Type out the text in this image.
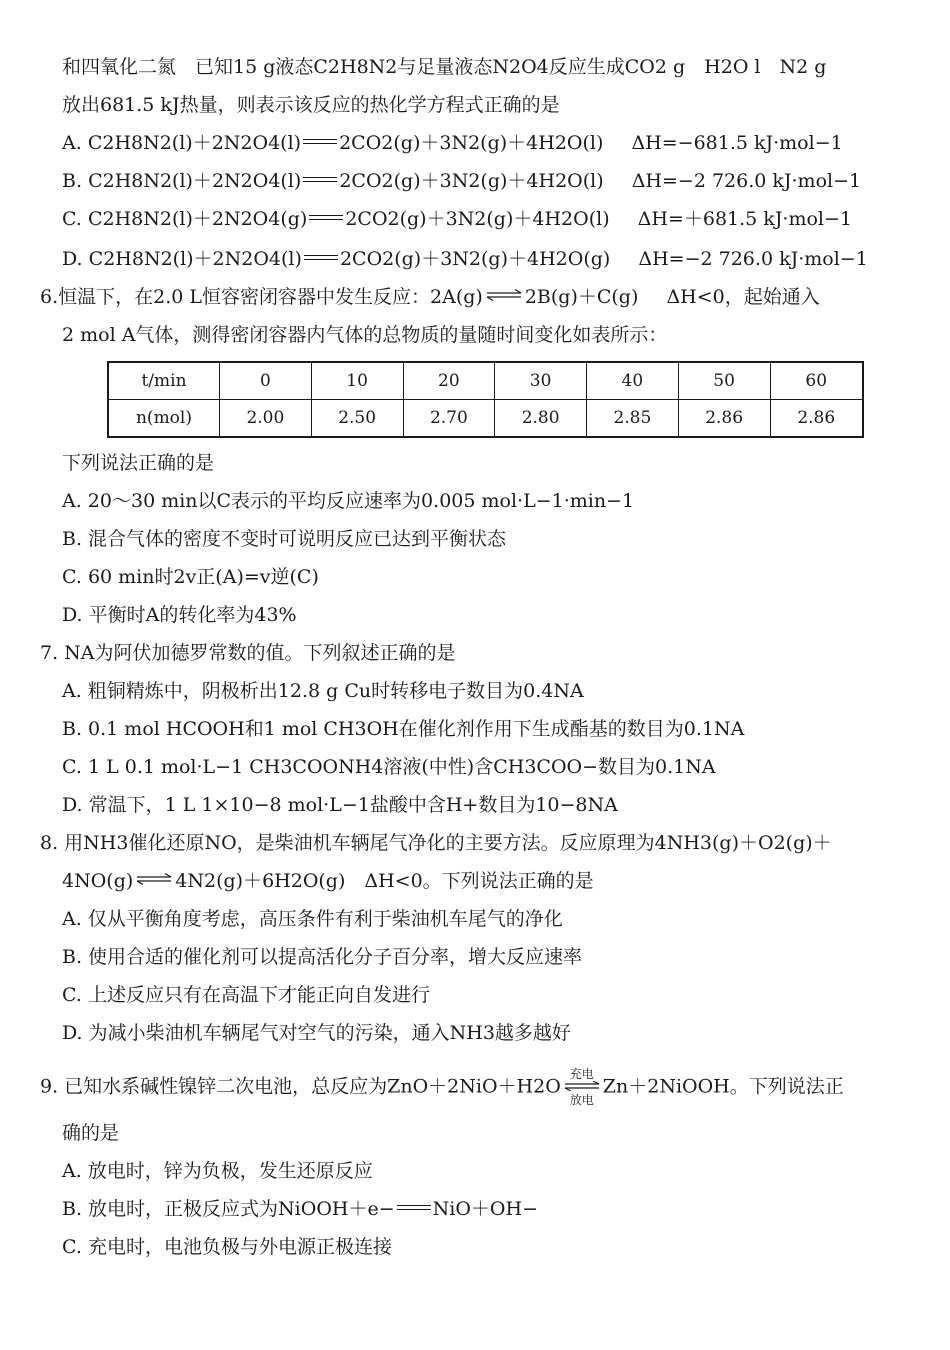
和四氧化二氮　已知15 g液态C2H8N2与足量液态N2O4反应生成CO2 g　H2O l　N2 g
放出681.5 kJ热量，则表示该反应的热化学方程式正确的是
A. C2H8N2(l)＋2N2O4(l) 2CO2(g)＋3N2(g)＋4H2O(l) ΔH=−681.5 kJ·mol−1
B. C2H8N2(l)＋2N2O4(l) 2CO2(g)＋3N2(g)＋4H2O(l) ΔH=−2 726.0 kJ·mol−1
C. C2H8N2(l)＋2N2O4(g) 2CO2(g)＋3N2(g)＋4H2O(l) ΔH=＋681.5 kJ·mol−1
D. C2H8N2(l)＋2N2O4(l) 2CO2(g)＋3N2(g)＋4H2O(g) ΔH=−2 726.0 kJ·mol−1
6.恒温下，在2.0 L恒容密闭容器中发生反应：2A(g) ⇌ 2B(g)＋C(g) ΔH<0，起始通入
2 mol A气体，测得密闭容器内气体的总物质的量随时间变化如表所示：
t/min	0	10	20	30	40	50	60
n(mol)	2.00	2.50	2.70	2.80	2.85	2.86	2.86
下列说法正确的是
A. 20～30 min以C表示的平均反应速率为0.005 mol·L−1·min−1
B. 混合气体的密度不变时可说明反应已达到平衡状态
C. 60 min时2v正(A)=v逆(C)
D. 平衡时A的转化率为43%
7. NA为阿伏加德罗常数的值。下列叙述正确的是
A. 粗铜精炼中，阴极析出12.8 g Cu时转移电子数目为0.4NA
B. 0.1 mol HCOOH和1 mol CH3OH在催化剂作用下生成酯基的数目为0.1NA
C. 1 L 0.1 mol·L−1 CH3COONH4溶液(中性)含CH3COO−数目为0.1NA
D. 常温下，1 L 1×10−8 mol·L−1盐酸中含H+数目为10−8NA
8. 用NH3催化还原NO，是柴油机车辆尾气净化的主要方法。反应原理为4NH3(g)＋O2(g)＋
4NO(g) ⇌ 4N2(g)＋6H2O(g)　ΔH<0。下列说法正确的是
A. 仅从平衡角度考虑，高压条件有利于柴油机车尾气的净化
B. 使用合适的催化剂可以提高活化分子百分率，增大反应速率
C. 上述反应只有在高温下才能正向自发进行
D. 为减小柴油机车辆尾气对空气的污染，通入NH3越多越好
9. 已知水系碱性镍锌二次电池，总反应为ZnO＋2NiO＋H2O
充电
放电
Zn＋2NiOOH。下列说法正
确的是
A. 放电时，锌为负极，发生还原反应
B. 放电时，正极反应式为NiOOH＋e− NiO＋OH−
C. 充电时，电池负极与外电源正极连接
